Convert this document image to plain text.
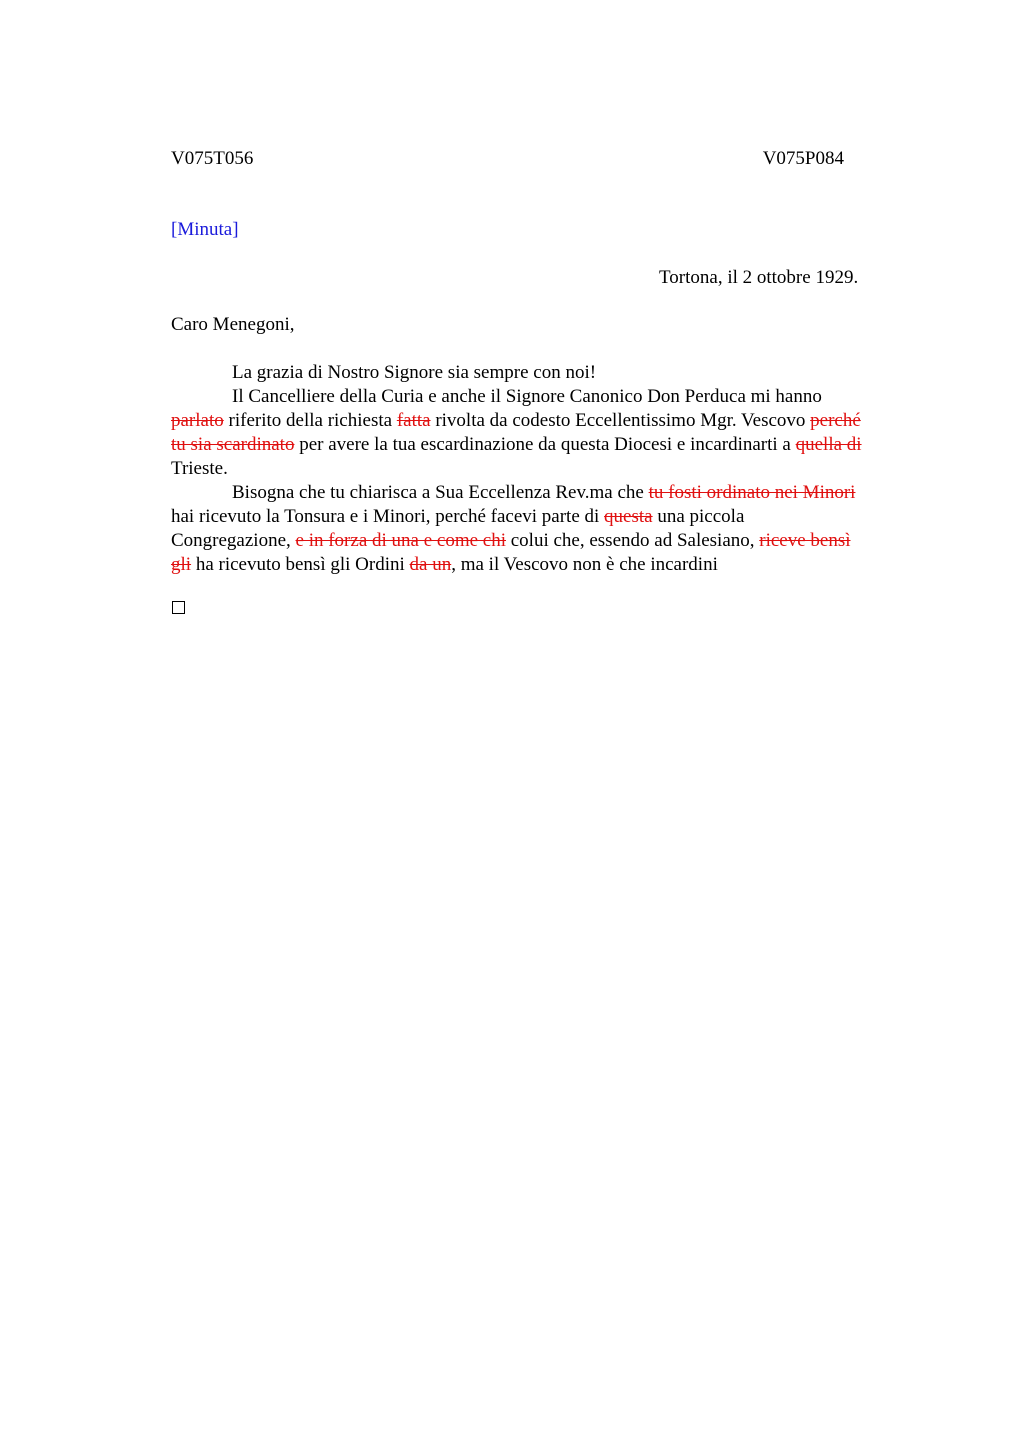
V075T056	V075P084
[Minuta]
Tortona, il 2 ottobre 1929.
Caro Menegoni,

La grazia di Nostro Signore sia sempre con noi!

Il Cancelliere della Curia e anche il Signore Canonico Don Perduca mi hanno

parlato riferito della richiesta fatta rivolta da codesto Eccellentissimo Mgr. Vescovo perché

tu sia scardinato per avere la tua escardinazione da questa Diocesi e incardinarti a quella di

Trieste.

Bisogna che tu chiarisca a Sua Eccellenza Rev.ma che tu fosti ordinato nei Minori

hai ricevuto la Tonsura e i Minori, perché facevi parte di questa una piccola

Congregazione, e in forza di una e come chi colui che, essendo ad Salesiano, riceve bensì

gli ha ricevuto bensì gli Ordini da un, ma il Vescovo non è che incardini
